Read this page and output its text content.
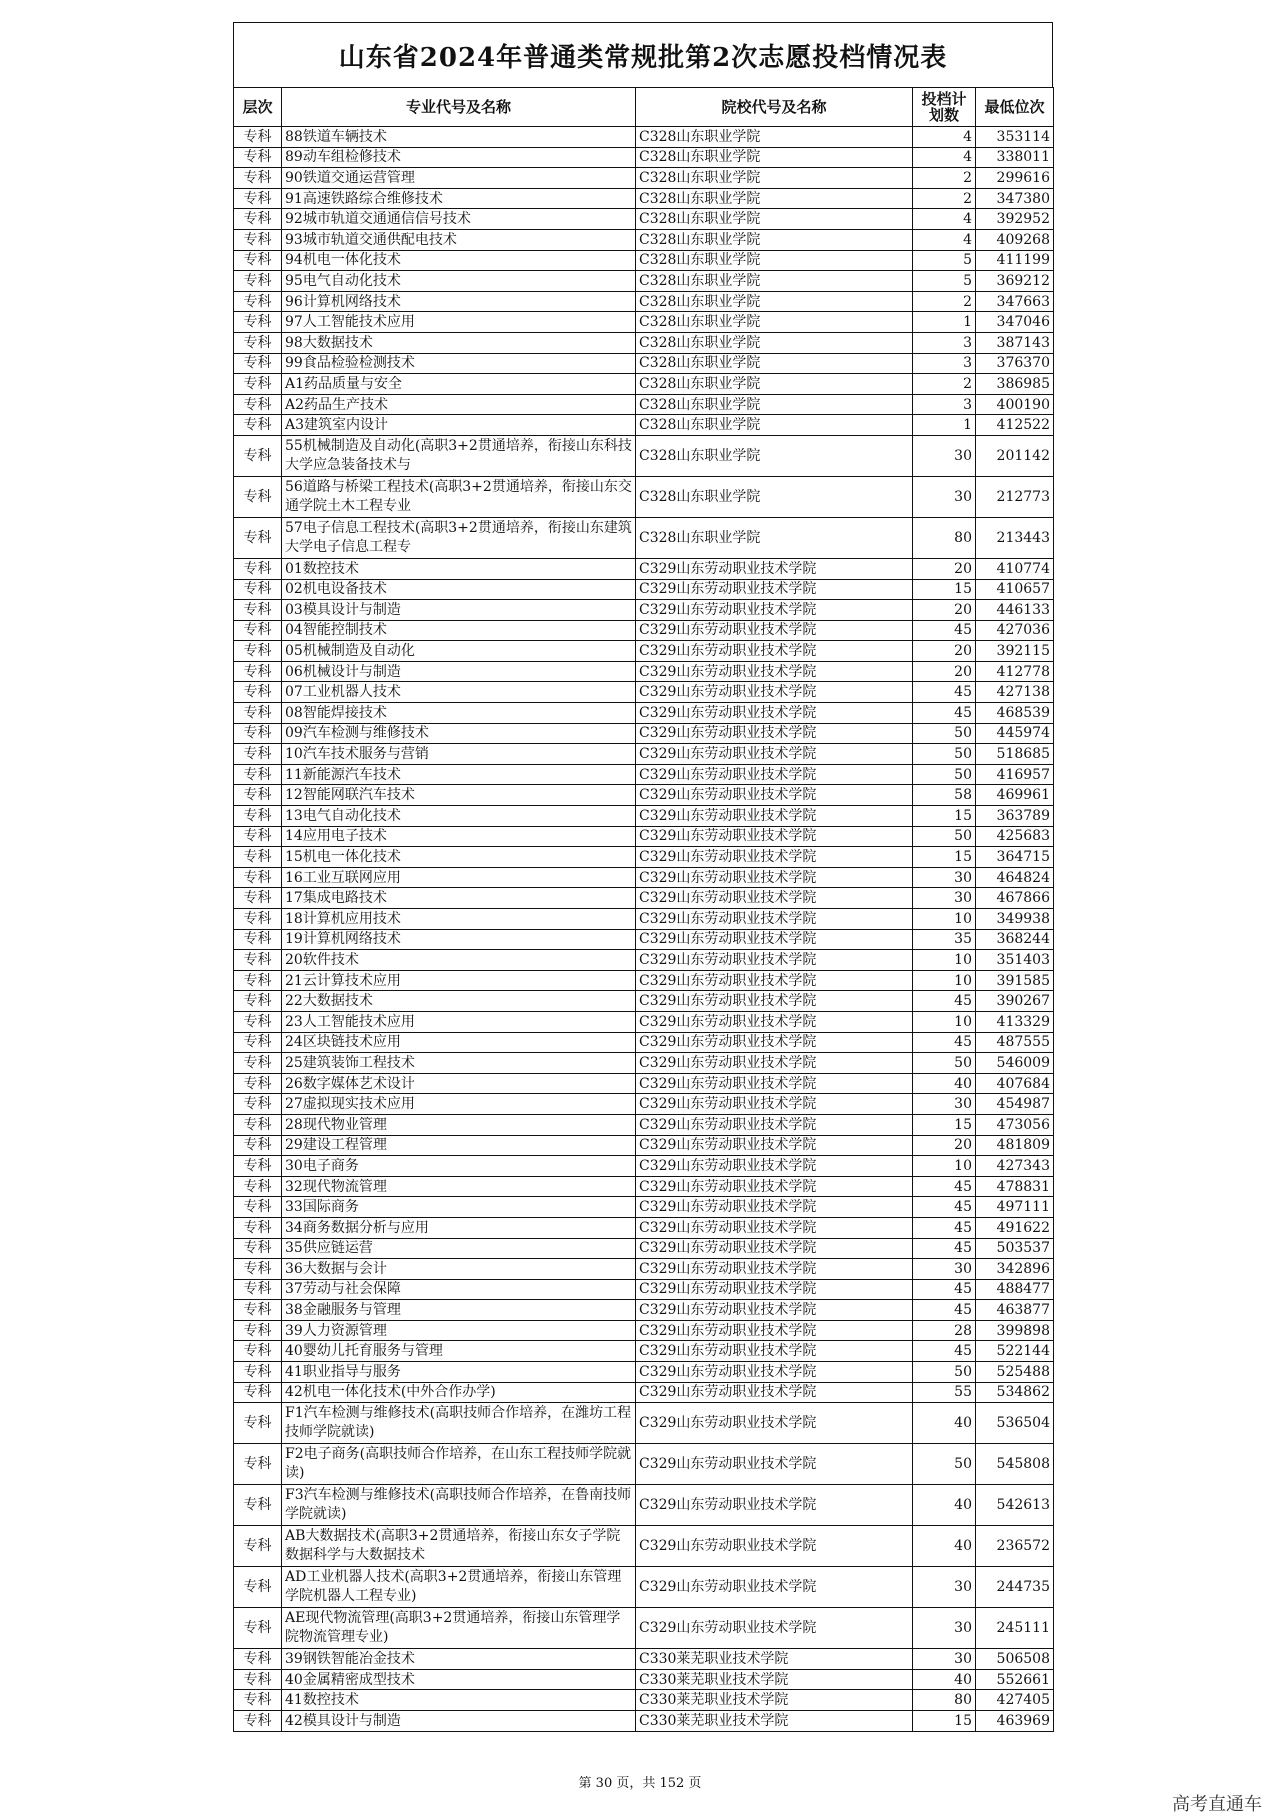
山东省2024年普通类常规批第2次志愿投档情况表
层次	专业代号及名称	院校代号及名称	投档计划数	最低位次
专科	88铁道车辆技术	C328山东职业学院	4	353114
专科	89动车组检修技术	C328山东职业学院	4	338011
专科	90铁道交通运营管理	C328山东职业学院	2	299616
专科	91高速铁路综合维修技术	C328山东职业学院	2	347380
专科	92城市轨道交通通信信号技术	C328山东职业学院	4	392952
专科	93城市轨道交通供配电技术	C328山东职业学院	4	409268
专科	94机电一体化技术	C328山东职业学院	5	411199
专科	95电气自动化技术	C328山东职业学院	5	369212
专科	96计算机网络技术	C328山东职业学院	2	347663
专科	97人工智能技术应用	C328山东职业学院	1	347046
专科	98大数据技术	C328山东职业学院	3	387143
专科	99食品检验检测技术	C328山东职业学院	3	376370
专科	A1药品质量与安全	C328山东职业学院	2	386985
专科	A2药品生产技术	C328山东职业学院	3	400190
专科	A3建筑室内设计	C328山东职业学院	1	412522
专科	55机械制造及自动化(高职3+2贯通培养，衔接山东科技大学应急装备技术与	C328山东职业学院	30	201142
专科	56道路与桥梁工程技术(高职3+2贯通培养，衔接山东交通学院土木工程专业	C328山东职业学院	30	212773
专科	57电子信息工程技术(高职3+2贯通培养，衔接山东建筑大学电子信息工程专	C328山东职业学院	80	213443
专科	01数控技术	C329山东劳动职业技术学院	20	410774
专科	02机电设备技术	C329山东劳动职业技术学院	15	410657
专科	03模具设计与制造	C329山东劳动职业技术学院	20	446133
专科	04智能控制技术	C329山东劳动职业技术学院	45	427036
专科	05机械制造及自动化	C329山东劳动职业技术学院	20	392115
专科	06机械设计与制造	C329山东劳动职业技术学院	20	412778
专科	07工业机器人技术	C329山东劳动职业技术学院	45	427138
专科	08智能焊接技术	C329山东劳动职业技术学院	45	468539
专科	09汽车检测与维修技术	C329山东劳动职业技术学院	50	445974
专科	10汽车技术服务与营销	C329山东劳动职业技术学院	50	518685
专科	11新能源汽车技术	C329山东劳动职业技术学院	50	416957
专科	12智能网联汽车技术	C329山东劳动职业技术学院	58	469961
专科	13电气自动化技术	C329山东劳动职业技术学院	15	363789
专科	14应用电子技术	C329山东劳动职业技术学院	50	425683
专科	15机电一体化技术	C329山东劳动职业技术学院	15	364715
专科	16工业互联网应用	C329山东劳动职业技术学院	30	464824
专科	17集成电路技术	C329山东劳动职业技术学院	30	467866
专科	18计算机应用技术	C329山东劳动职业技术学院	10	349938
专科	19计算机网络技术	C329山东劳动职业技术学院	35	368244
专科	20软件技术	C329山东劳动职业技术学院	10	351403
专科	21云计算技术应用	C329山东劳动职业技术学院	10	391585
专科	22大数据技术	C329山东劳动职业技术学院	45	390267
专科	23人工智能技术应用	C329山东劳动职业技术学院	10	413329
专科	24区块链技术应用	C329山东劳动职业技术学院	45	487555
专科	25建筑装饰工程技术	C329山东劳动职业技术学院	50	546009
专科	26数字媒体艺术设计	C329山东劳动职业技术学院	40	407684
专科	27虚拟现实技术应用	C329山东劳动职业技术学院	30	454987
专科	28现代物业管理	C329山东劳动职业技术学院	15	473056
专科	29建设工程管理	C329山东劳动职业技术学院	20	481809
专科	30电子商务	C329山东劳动职业技术学院	10	427343
专科	32现代物流管理	C329山东劳动职业技术学院	45	478831
专科	33国际商务	C329山东劳动职业技术学院	45	497111
专科	34商务数据分析与应用	C329山东劳动职业技术学院	45	491622
专科	35供应链运营	C329山东劳动职业技术学院	45	503537
专科	36大数据与会计	C329山东劳动职业技术学院	30	342896
专科	37劳动与社会保障	C329山东劳动职业技术学院	45	488477
专科	38金融服务与管理	C329山东劳动职业技术学院	45	463877
专科	39人力资源管理	C329山东劳动职业技术学院	28	399898
专科	40婴幼儿托育服务与管理	C329山东劳动职业技术学院	45	522144
专科	41职业指导与服务	C329山东劳动职业技术学院	50	525488
专科	42机电一体化技术(中外合作办学)	C329山东劳动职业技术学院	55	534862
专科	F1汽车检测与维修技术(高职技师合作培养，在潍坊工程技师学院就读)	C329山东劳动职业技术学院	40	536504
专科	F2电子商务(高职技师合作培养，在山东工程技师学院就读)	C329山东劳动职业技术学院	50	545808
专科	F3汽车检测与维修技术(高职技师合作培养，在鲁南技师学院就读)	C329山东劳动职业技术学院	40	542613
专科	AB大数据技术(高职3+2贯通培养，衔接山东女子学院数据科学与大数据技术	C329山东劳动职业技术学院	40	236572
专科	AD工业机器人技术(高职3+2贯通培养，衔接山东管理学院机器人工程专业)	C329山东劳动职业技术学院	30	244735
专科	AE现代物流管理(高职3+2贯通培养，衔接山东管理学院物流管理专业)	C329山东劳动职业技术学院	30	245111
专科	39钢铁智能冶金技术	C330莱芜职业技术学院	30	506508
专科	40金属精密成型技术	C330莱芜职业技术学院	40	552661
专科	41数控技术	C330莱芜职业技术学院	80	427405
专科	42模具设计与制造	C330莱芜职业技术学院	15	463969
第 30 页，共 152 页
高考直通车
